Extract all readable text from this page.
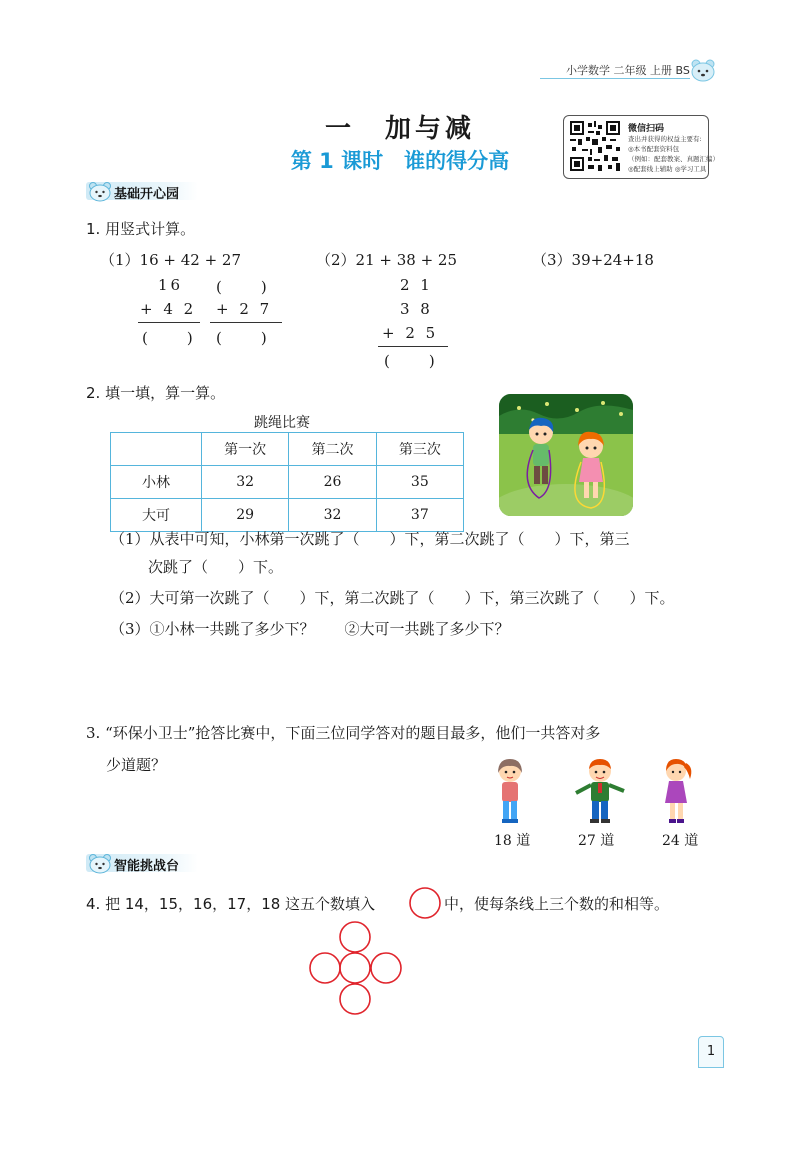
小学数学 二年级 上册 BS
一　加与减
第 1 课时　谁的得分高
微信扫码
查出并获得的权益主要有:
◎本书配套资料包
（例如：配套教案、真题汇编）
◎配套线上辅助 ◎学习工具
基础开心园
1. 用竖式计算。
（1）16 + 42 + 27	（2）21 + 38 + 25	（3）39+24+18
16
+ 4 2
(　　)
(　　)
+ 2 7
(　　)
2 1
3 8
+ 2 5
(　　)
2. 填一填，算一算。
跳绳比赛
	第一次	第二次	第三次
小林	32	26	35
大可	29	32	37
（1）从表中可知，小林第一次跳了（　　）下，第二次跳了（　　）下，第三
次跳了（　　）下。
（2）大可第一次跳了（　　）下，第二次跳了（　　）下，第三次跳了（　　）下。
（3）①小林一共跳了多少下？　　②大可一共跳了多少下？
3. “环保小卫士”抢答比赛中，下面三位同学答对的题目最多，他们一共答对多
少道题？
18 道	27 道	24 道
智能挑战台
4. 把 14，15，16，17，18 这五个数填入	中，使每条线上三个数的和相等。
1
